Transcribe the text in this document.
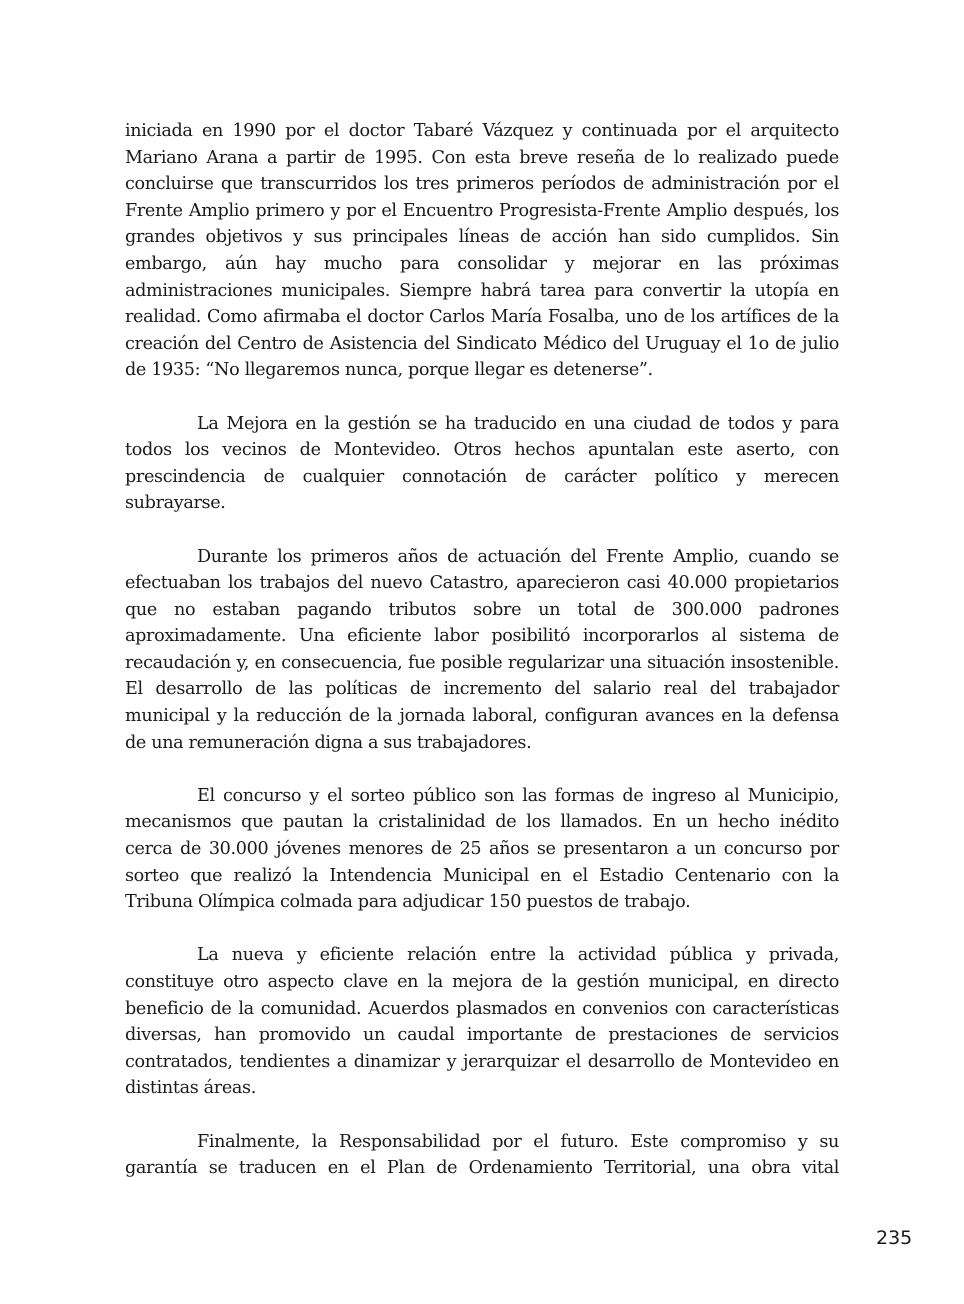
iniciada en 1990 por el doctor Tabaré Vázquez y continuada por el arquitecto Mariano Arana a partir de 1995. Con esta breve reseña de lo realizado puede concluirse que transcurridos los tres primeros períodos de administración por el Frente Amplio primero y por el Encuentro Progresista-Frente Amplio después, los grandes objetivos y sus principales líneas de acción han sido cumplidos. Sin embargo, aún hay mucho para consolidar y mejorar en las próximas administraciones municipales. Siempre habrá tarea para convertir la utopía en realidad. Como afirmaba el doctor Carlos María Fosalba, uno de los artífices de la creación del Centro de Asistencia del Sindicato Médico del Uruguay el 1o de julio de 1935: “No llegaremos nunca, porque llegar es detenerse”.

La Mejora en la gestión se ha traducido en una ciudad de todos y para todos los vecinos de Montevideo. Otros hechos apuntalan este aserto, con prescindencia de cualquier connotación de carácter político y merecen subrayarse.

Durante los primeros años de actuación del Frente Amplio, cuando se efectuaban los trabajos del nuevo Catastro, aparecieron casi 40.000 propietarios que no estaban pagando tributos sobre un total de 300.000 padrones aproximadamente. Una eficiente labor posibilitó incorporarlos al sistema de recaudación y, en consecuencia, fue posible regularizar una situación insostenible. El desarrollo de las políticas de incremento del salario real del trabajador municipal y la reducción de la jornada laboral, configuran avances en la defensa de una remuneración digna a sus trabajadores.

El concurso y el sorteo público son las formas de ingreso al Municipio, mecanismos que pautan la cristalinidad de los llamados. En un hecho inédito cerca de 30.000 jóvenes menores de 25 años se presentaron a un concurso por sorteo que realizó la Intendencia Municipal en el Estadio Centenario con la Tribuna Olímpica colmada para adjudicar 150 puestos de trabajo.

La nueva y eficiente relación entre la actividad pública y privada, constituye otro aspecto clave en la mejora de la gestión municipal, en directo beneficio de la comunidad. Acuerdos plasmados en convenios con características diversas, han promovido un caudal importante de prestaciones de servicios contratados, tendientes a dinamizar y jerarquizar el desarrollo de Montevideo en distintas áreas.

Finalmente, la Responsabilidad por el futuro. Este compromiso y su garantía se traducen en el Plan de Ordenamiento Territorial, una obra vital

235
